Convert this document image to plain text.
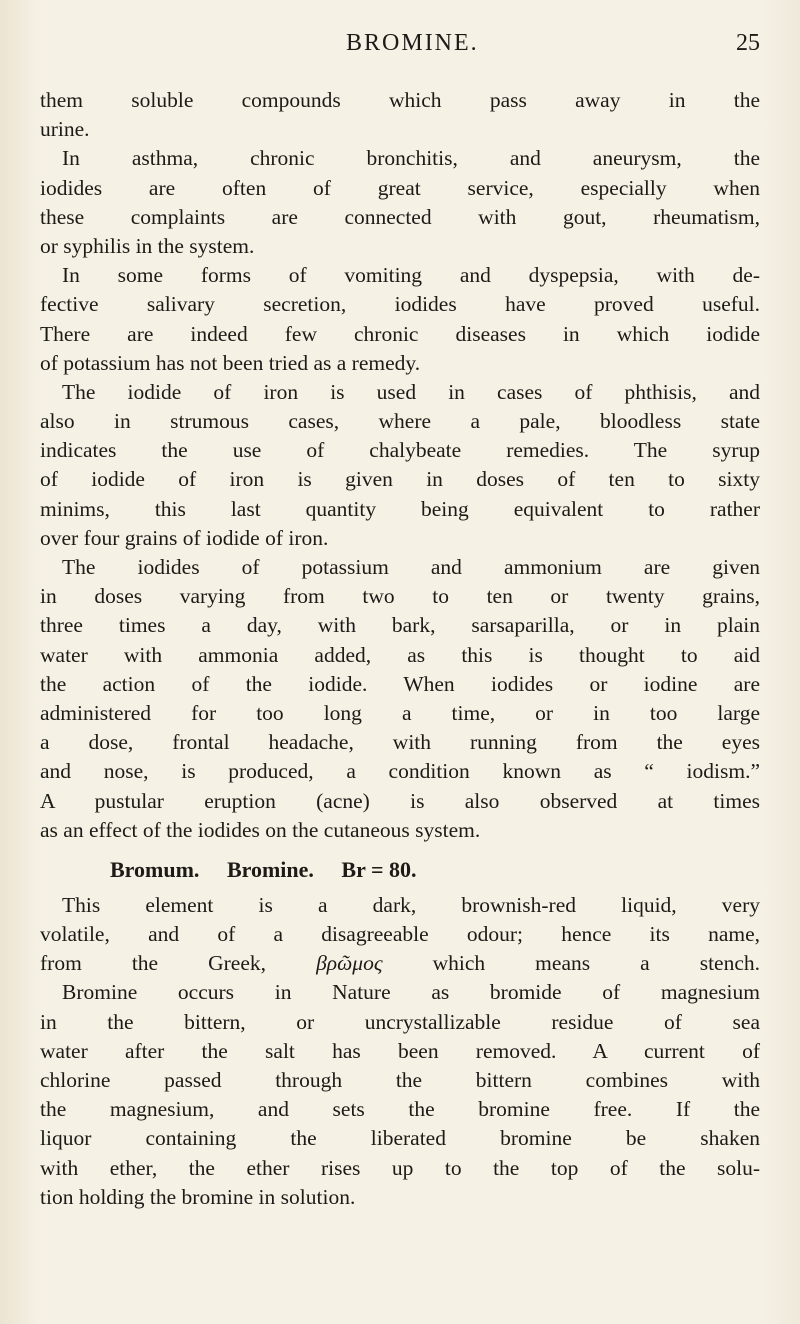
BROMINE.	25
them soluble compounds which pass away in the
urine.
In asthma, chronic bronchitis, and aneurysm, the
iodides are often of great service, especially when
these complaints are connected with gout, rheumatism,
or syphilis in the system.
In some forms of vomiting and dyspepsia, with de-
fective salivary secretion, iodides have proved useful.
There are indeed few chronic diseases in which iodide
of potassium has not been tried as a remedy.
The iodide of iron is used in cases of phthisis, and
also in strumous cases, where a pale, bloodless state
indicates the use of chalybeate remedies. The syrup
of iodide of iron is given in doses of ten to sixty
minims, this last quantity being equivalent to rather
over four grains of iodide of iron.
The iodides of potassium and ammonium are given
in doses varying from two to ten or twenty grains,
three times a day, with bark, sarsaparilla, or in plain
water with ammonia added, as this is thought to aid
the action of the iodide. When iodides or iodine are
administered for too long a time, or in too large
a dose, frontal headache, with running from the eyes
and nose, is produced, a condition known as “ iodism.”
A pustular eruption (acne) is also observed at times
as an effect of the iodides on the cutaneous system.
Bromum. Bromine. Br = 80.
This element is a dark, brownish-red liquid, very
volatile, and of a disagreeable odour; hence its name,
from the Greek, βρῶμος which means a stench.
Bromine occurs in Nature as bromide of magnesium
in the bittern, or uncrystallizable residue of sea
water after the salt has been removed. A current of
chlorine passed through the bittern combines with
the magnesium, and sets the bromine free. If the
liquor containing the liberated bromine be shaken
with ether, the ether rises up to the top of the solu-
tion holding the bromine in solution.
